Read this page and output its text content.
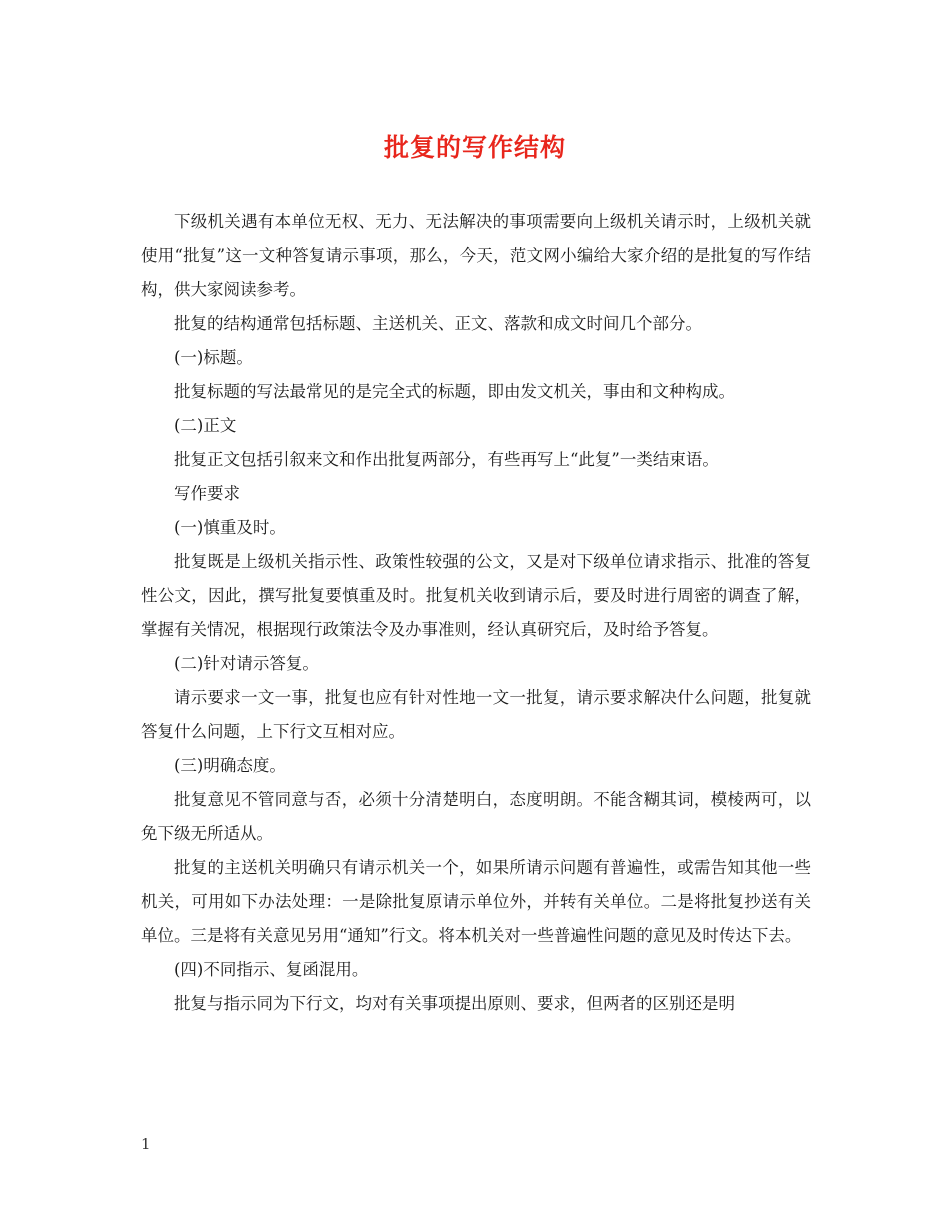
批复的写作结构

下级机关遇有本单位无权、无力、无法解决的事项需要向上级机关请示时，上级机关就使用“批复”这一文种答复请示事项，那么，今天，范文网小编给大家介绍的是批复的写作结构，供大家阅读参考。

批复的结构通常包括标题、主送机关、正文、落款和成文时间几个部分。

(一)标题。

批复标题的写法最常见的是完全式的标题，即由发文机关，事由和文种构成。

(二)正文

批复正文包括引叙来文和作出批复两部分，有些再写上“此复”一类结束语。

写作要求

(一)慎重及时。

批复既是上级机关指示性、政策性较强的公文，又是对下级单位请求指示、批准的答复性公文，因此，撰写批复要慎重及时。批复机关收到请示后，要及时进行周密的调查了解，掌握有关情况，根据现行政策法令及办事准则，经认真研究后，及时给予答复。

(二)针对请示答复。

请示要求一文一事，批复也应有针对性地一文一批复，请示要求解决什么问题，批复就答复什么问题，上下行文互相对应。

(三)明确态度。

批复意见不管同意与否，必须十分清楚明白，态度明朗。不能含糊其词，模棱两可，以免下级无所适从。

批复的主送机关明确只有请示机关一个，如果所请示问题有普遍性，或需告知其他一些机关，可用如下办法处理：一是除批复原请示单位外，并转有关单位。二是将批复抄送有关单位。三是将有关意见另用“通知”行文。将本机关对一些普遍性问题的意见及时传达下去。

(四)不同指示、复函混用。

批复与指示同为下行文，均对有关事项提出原则、要求，但两者的区别还是明

1
